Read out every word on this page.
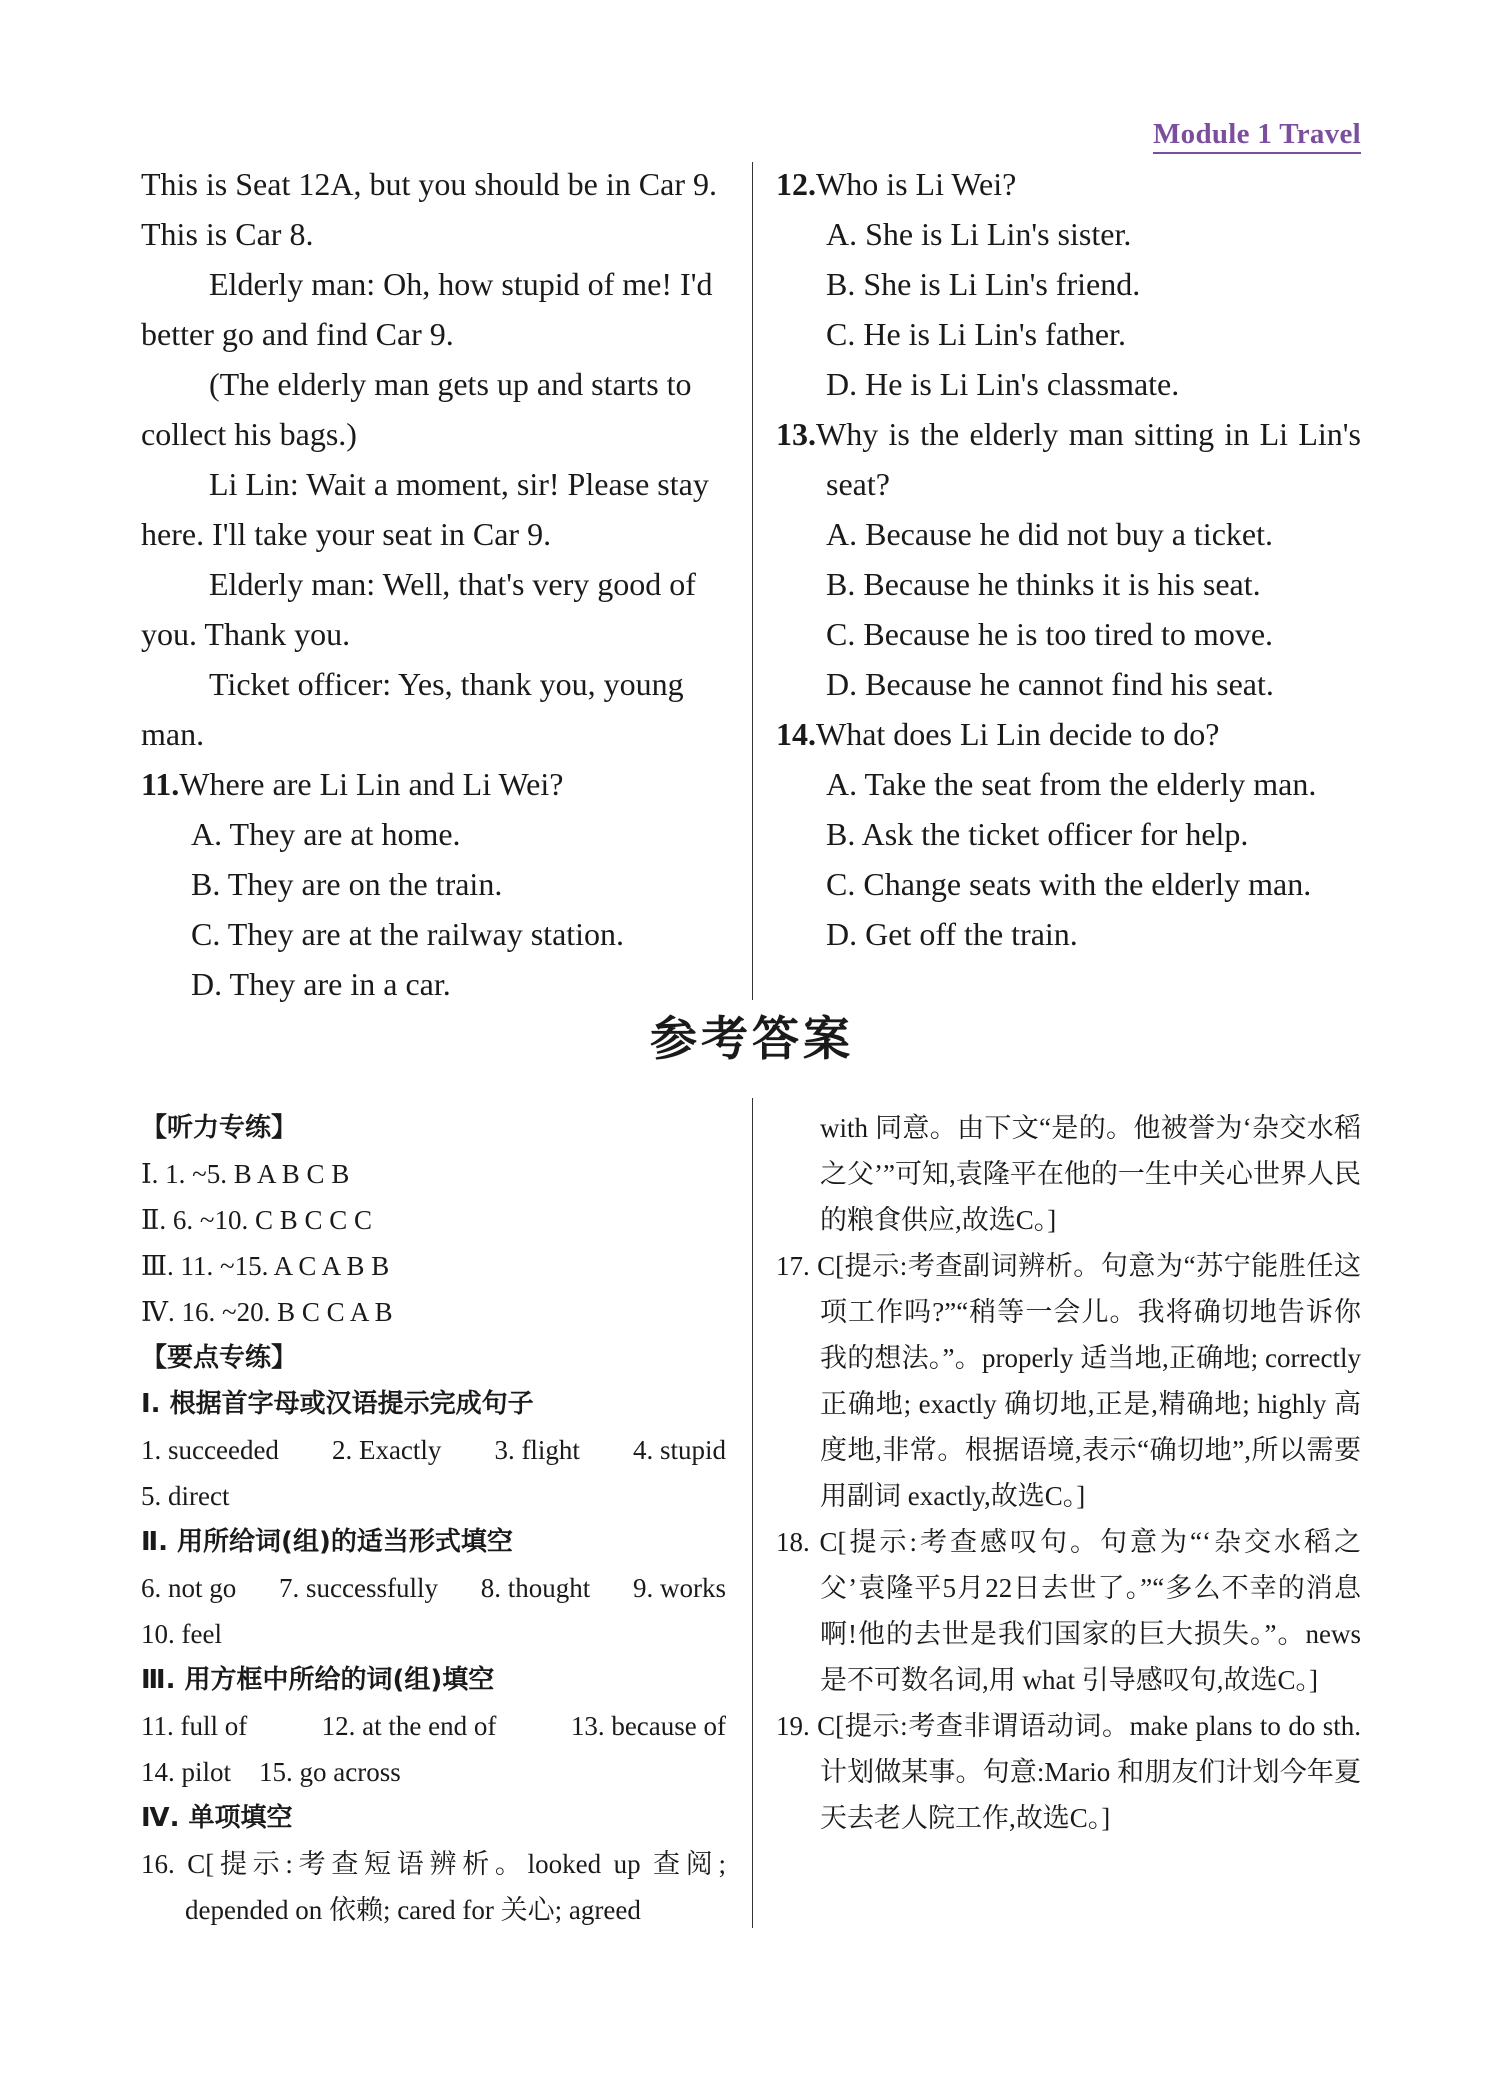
Module 1 Travel

This is Seat 12A, but you should be in Car 9. This is Car 8.

Elderly man: Oh, how stupid of me! I'd better go and find Car 9.

(The elderly man gets up and starts to collect his bags.)

Li Lin: Wait a moment, sir! Please stay here. I'll take your seat in Car 9.

Elderly man: Well, that's very good of you. Thank you.

Ticket officer: Yes, thank you, young man.

11.Where are Li Lin and Li Wei?

A. They are at home.

B. They are on the train.

C. They are at the railway station.

D. They are in a car.

12.Who is Li Wei?

A. She is Li Lin's sister.

B. She is Li Lin's friend.

C. He is Li Lin's father.

D. He is Li Lin's classmate.

13.Why is the elderly man sitting in Li Lin's seat?

A. Because he did not buy a ticket.

B. Because he thinks it is his seat.

C. Because he is too tired to move.

D. Because he cannot find his seat.

14.What does Li Lin decide to do?

A. Take the seat from the elderly man.

B. Ask the ticket officer for help.

C. Change seats with the elderly man.

D. Get off the train.

参考答案
【听力专练】
Ⅰ. 1. ~5. B A B C B
Ⅱ. 6. ~10. C B C C C
Ⅲ. 11. ~15. A C A B B
Ⅳ. 16. ~20. B C C A B
【要点专练】
Ⅰ. 根据首字母或汉语提示完成句子
1. succeeded 2. Exactly 3. flight 4. stupid
5. direct
Ⅱ. 用所给词(组)的适当形式填空
6. not go 7. successfully 8. thought 9. works
10. feel
Ⅲ. 用方框中所给的词(组)填空
11. full of	12. at the end of	13. because of
14. pilot 15. go across
Ⅳ. 单项填空
16. C[提示:考查短语辨析。looked up 查阅; depended on 依赖; cared for 关心; agreed
with 同意。由下文“是的。他被誉为‘杂交水稻之父’”可知,袁隆平在他的一生中关心世界人民的粮食供应,故选C。]
17. C[提示:考查副词辨析。句意为“苏宁能胜任这项工作吗?”“稍等一会儿。我将确切地告诉你我的想法。”。properly 适当地,正确地; correctly 正确地; exactly 确切地,正是,精确地; highly 高度地,非常。根据语境,表示“确切地”,所以需要用副词 exactly,故选C。]
18. C[提示:考查感叹句。句意为“‘杂交水稻之父’袁隆平5月22日去世了。”“多么不幸的消息啊!他的去世是我们国家的巨大损失。”。news 是不可数名词,用 what 引导感叹句,故选C。]
19. C[提示:考查非谓语动词。make plans to do sth. 计划做某事。句意:Mario 和朋友们计划今年夏天去老人院工作,故选C。]
